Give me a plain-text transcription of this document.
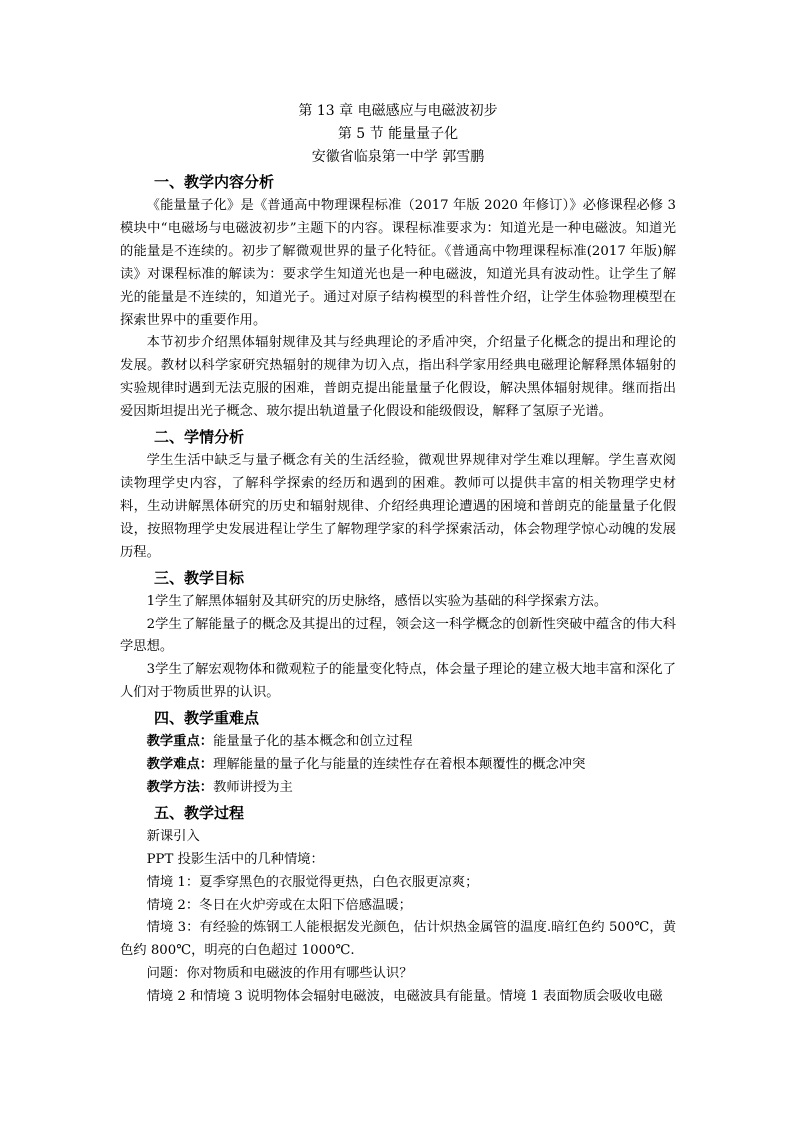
第 13 章 电磁感应与电磁波初步
第 5 节 能量量子化
安徽省临泉第一中学 郭雪鹏
一、教学内容分析

《能量量子化》是《普通高中物理课程标准（2017 年版 2020 年修订）》必修课程必修 3 模块中“电磁场与电磁波初步”主题下的内容。课程标准要求为：知道光是一种电磁波。知道光的能量是不连续的。初步了解微观世界的量子化特征。《普通高中物理课程标准(2017 年版)解读》对课程标准的解读为：要求学生知道光也是一种电磁波，知道光具有波动性。让学生了解光的能量是不连续的，知道光子。通过对原子结构模型的科普性介绍，让学生体验物理模型在探索世界中的重要作用。

本节初步介绍黑体辐射规律及其与经典理论的矛盾冲突，介绍量子化概念的提出和理论的发展。教材以科学家研究热辐射的规律为切入点，指出科学家用经典电磁理论解释黑体辐射的实验规律时遇到无法克服的困难，普朗克提出能量量子化假设，解决黑体辐射规律。继而指出爱因斯坦提出光子概念、玻尔提出轨道量子化假设和能级假设，解释了氢原子光谱。

二、学情分析

学生生活中缺乏与量子概念有关的生活经验，微观世界规律对学生难以理解。学生喜欢阅读物理学史内容，了解科学探索的经历和遇到的困难。教师可以提供丰富的相关物理学史材料，生动讲解黑体研究的历史和辐射规律、介绍经典理论遭遇的困境和普朗克的能量量子化假设，按照物理学史发展进程让学生了解物理学家的科学探索活动，体会物理学惊心动魄的发展历程。

三、教学目标

1学生了解黑体辐射及其研究的历史脉络，感悟以实验为基础的科学探索方法。

2学生了解能量子的概念及其提出的过程，领会这一科学概念的创新性突破中蕴含的伟大科学思想。

3学生了解宏观物体和微观粒子的能量变化特点，体会量子理论的建立极大地丰富和深化了人们对于物质世界的认识。

四、教学重难点

教学重点：能量量子化的基本概念和创立过程

教学难点：理解能量的量子化与能量的连续性存在着根本颠覆性的概念冲突

教学方法：教师讲授为主

五、教学过程

新课引入

PPT 投影生活中的几种情境：

情境 1：夏季穿黑色的衣服觉得更热，白色衣服更凉爽；

情境 2：冬日在火炉旁或在太阳下倍感温暖；

情境 3：有经验的炼钢工人能根据发光颜色，估计炽热金属管的温度.暗红色约 500℃，黄色约 800℃，明亮的白色超过 1000℃.

问题：你对物质和电磁波的作用有哪些认识？

情境 2 和情境 3 说明物体会辐射电磁波，电磁波具有能量。情境 1 表面物质会吸收电磁
